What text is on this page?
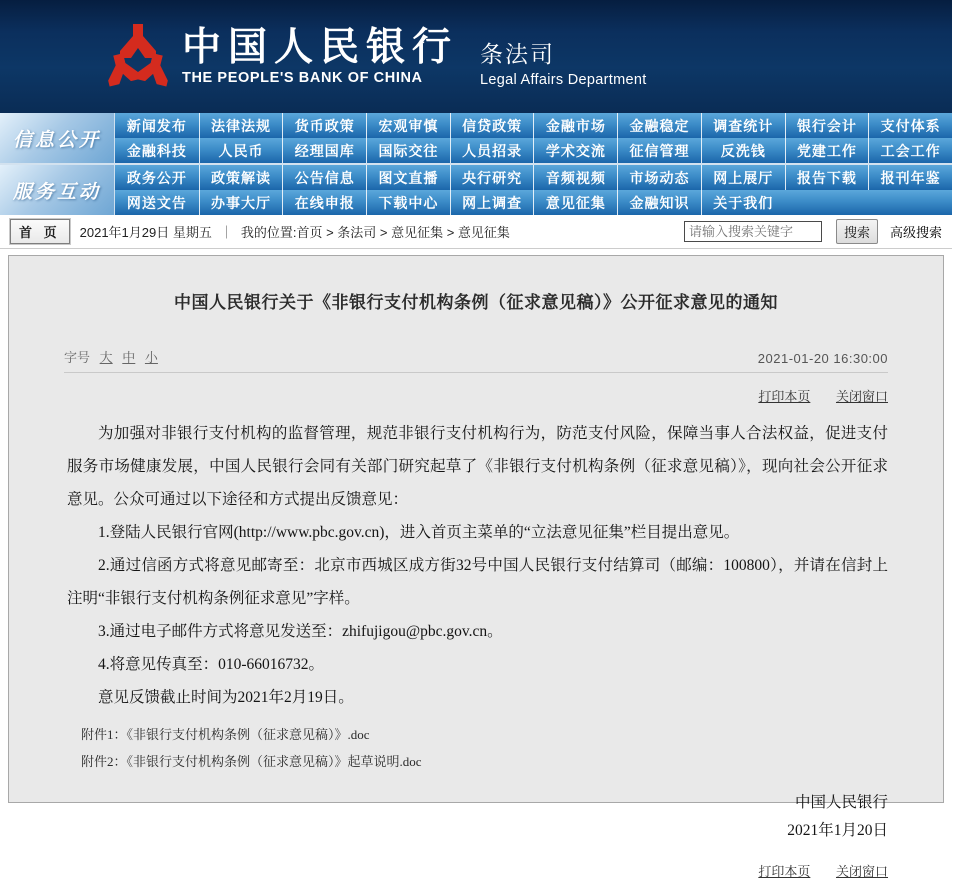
中国人民银行
THE PEOPLE'S BANK OF CHINA
条法司
Legal Affairs Department
信息公开
新闻发布	法律法规	货币政策	宏观审慎	信贷政策	金融市场	金融稳定	调查统计	银行会计	支付体系
金融科技	人民币	经理国库	国际交往	人员招录	学术交流	征信管理	反洗钱	党建工作	工会工作
服务互动
政务公开	政策解读	公告信息	图文直播	央行研究	音频视频	市场动态	网上展厅	报告下载	报刊年鉴
网送文告	办事大厅	在线申报	下载中心	网上调查	意见征集	金融知识	关于我们
首 页	2021年1月29日 星期五 ｜ 我的位置:首页 > 条法司 > 意见征集 > 意见征集
请输入搜索关键字	搜索	高级搜索
中国人民银行关于《非银行支付机构条例（征求意见稿）》公开征求意见的通知
字号 大 中 小	2021-01-20 16:30:00
打印本页 关闭窗口

为加强对非银行支付机构的监督管理，规范非银行支付机构行为，防范支付风险，保障当事人合法权益，促进支付服务市场健康发展，中国人民银行会同有关部门研究起草了《非银行支付机构条例（征求意见稿）》，现向社会公开征求意见。公众可通过以下途径和方式提出反馈意见：

1.登陆人民银行官网(http://www.pbc.gov.cn)，进入首页主菜单的“立法意见征集”栏目提出意见。

2.通过信函方式将意见邮寄至：北京市西城区成方街32号中国人民银行支付结算司（邮编：100800），并请在信封上注明“非银行支付机构条例征求意见”字样。

3.通过电子邮件方式将意见发送至：zhifujigou@pbc.gov.cn。

4.将意见传真至：010-66016732。

意见反馈截止时间为2021年2月19日。

附件1：《非银行支付机构条例（征求意见稿）》.doc
附件2：《非银行支付机构条例（征求意见稿）》起草说明.doc
中国人民银行
2021年1月20日
打印本页 关闭窗口
